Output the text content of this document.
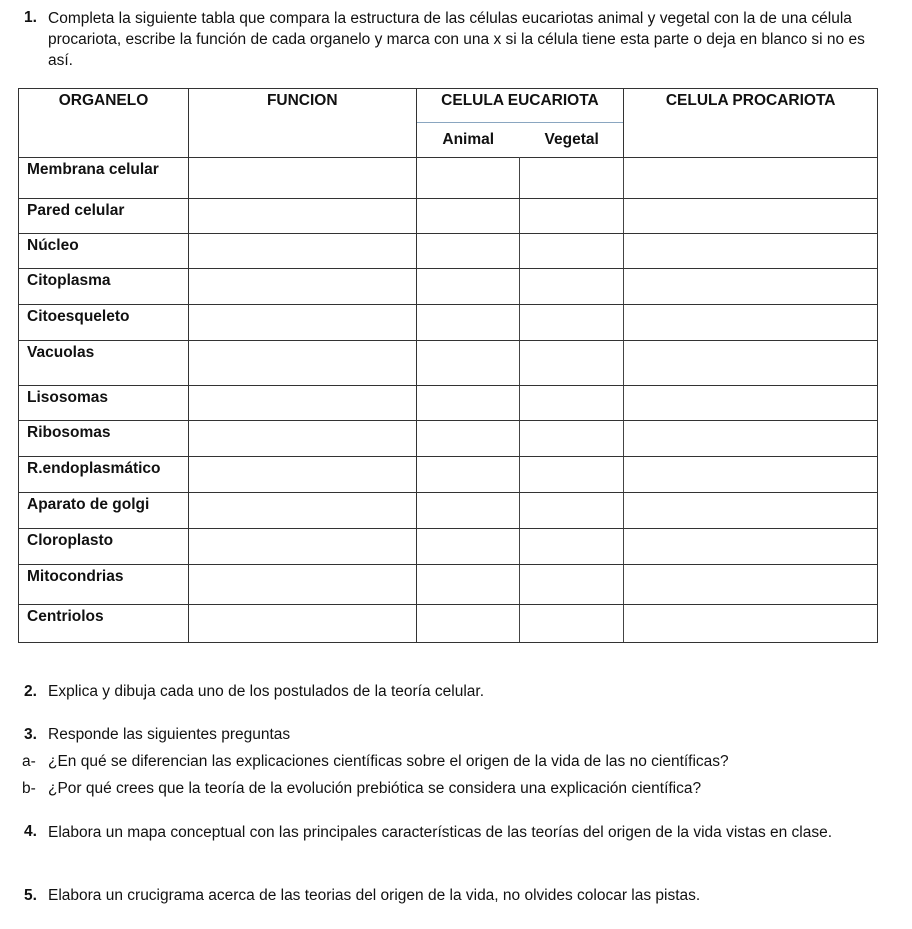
1. Completa la siguiente tabla que compara la estructura de las células eucariotas animal y vegetal con la de una célula procariota, escribe la función de cada organelo y marca con una x si la célula tiene esta parte o deja en blanco si no es así.

ORGANELO	FUNCION	CELULA EUCARIOTA		CELULA PROCARIOTA
		Animal	Vegetal	
Membrana celular				
Pared celular				
Núcleo				
Citoplasma				
Citoesqueleto				
Vacuolas				
Lisosomas				
Ribosomas				
R.endoplasmático				
Aparato de golgi				
Cloroplasto				
Mitocondrias				
Centriolos				
2. Explica y dibuja cada uno de los postulados de la teoría celular.
3. Responde las siguientes preguntas
a- ¿En qué se diferencian las explicaciones científicas sobre el origen de la vida de las no científicas?
b- ¿Por qué crees que la teoría de la evolución prebiótica se considera una explicación científica?
4. Elabora un mapa conceptual con las principales características de las teorías del origen de la vida vistas en clase.

5. Elabora un crucigrama acerca de las teorias del origen de la vida, no olvides colocar las pistas.
